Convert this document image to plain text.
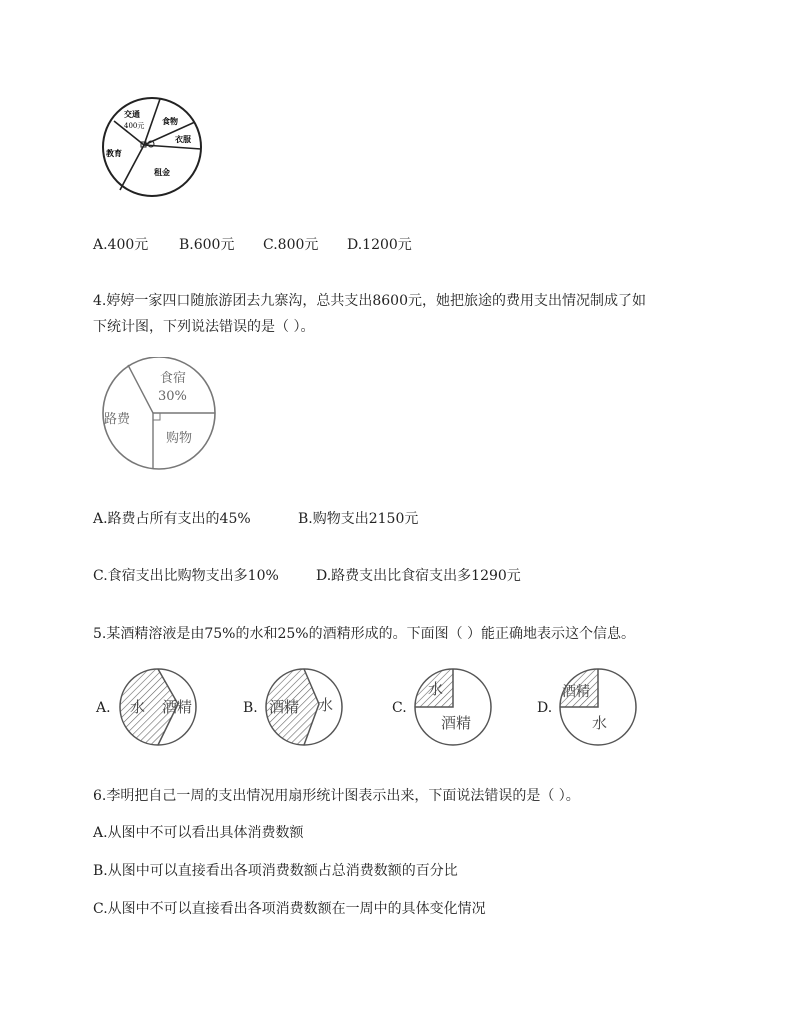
交通
400元 食物
衣服
租金
教育
A.400元 B.600元 C.800元 D.1200元
4.婷婷一家四口随旅游团去九寨沟，总共支出8600元，她把旅途的费用支出情况制成了如
下统计图，下列说法错误的是（ ）。
食宿
30%
路费
购物
A.路费占所有支出的45%	B.购物支出2150元
C.食宿支出比购物支出多10%	D.路费支出比食宿支出多1290元
5.某酒精溶液是由75%的水和25%的酒精形成的。下面图（ ）能正确地表示这个信息。
A. 水 酒精	B. 酒精 水	C.
水
酒精
D.
酒精
水
6.李明把自己一周的支出情况用扇形统计图表示出来，下面说法错误的是（ ）。
A.从图中不可以看出具体消费数额
B.从图中可以直接看出各项消费数额占总消费数额的百分比
C.从图中不可以直接看出各项消费数额在一周中的具体变化情况
